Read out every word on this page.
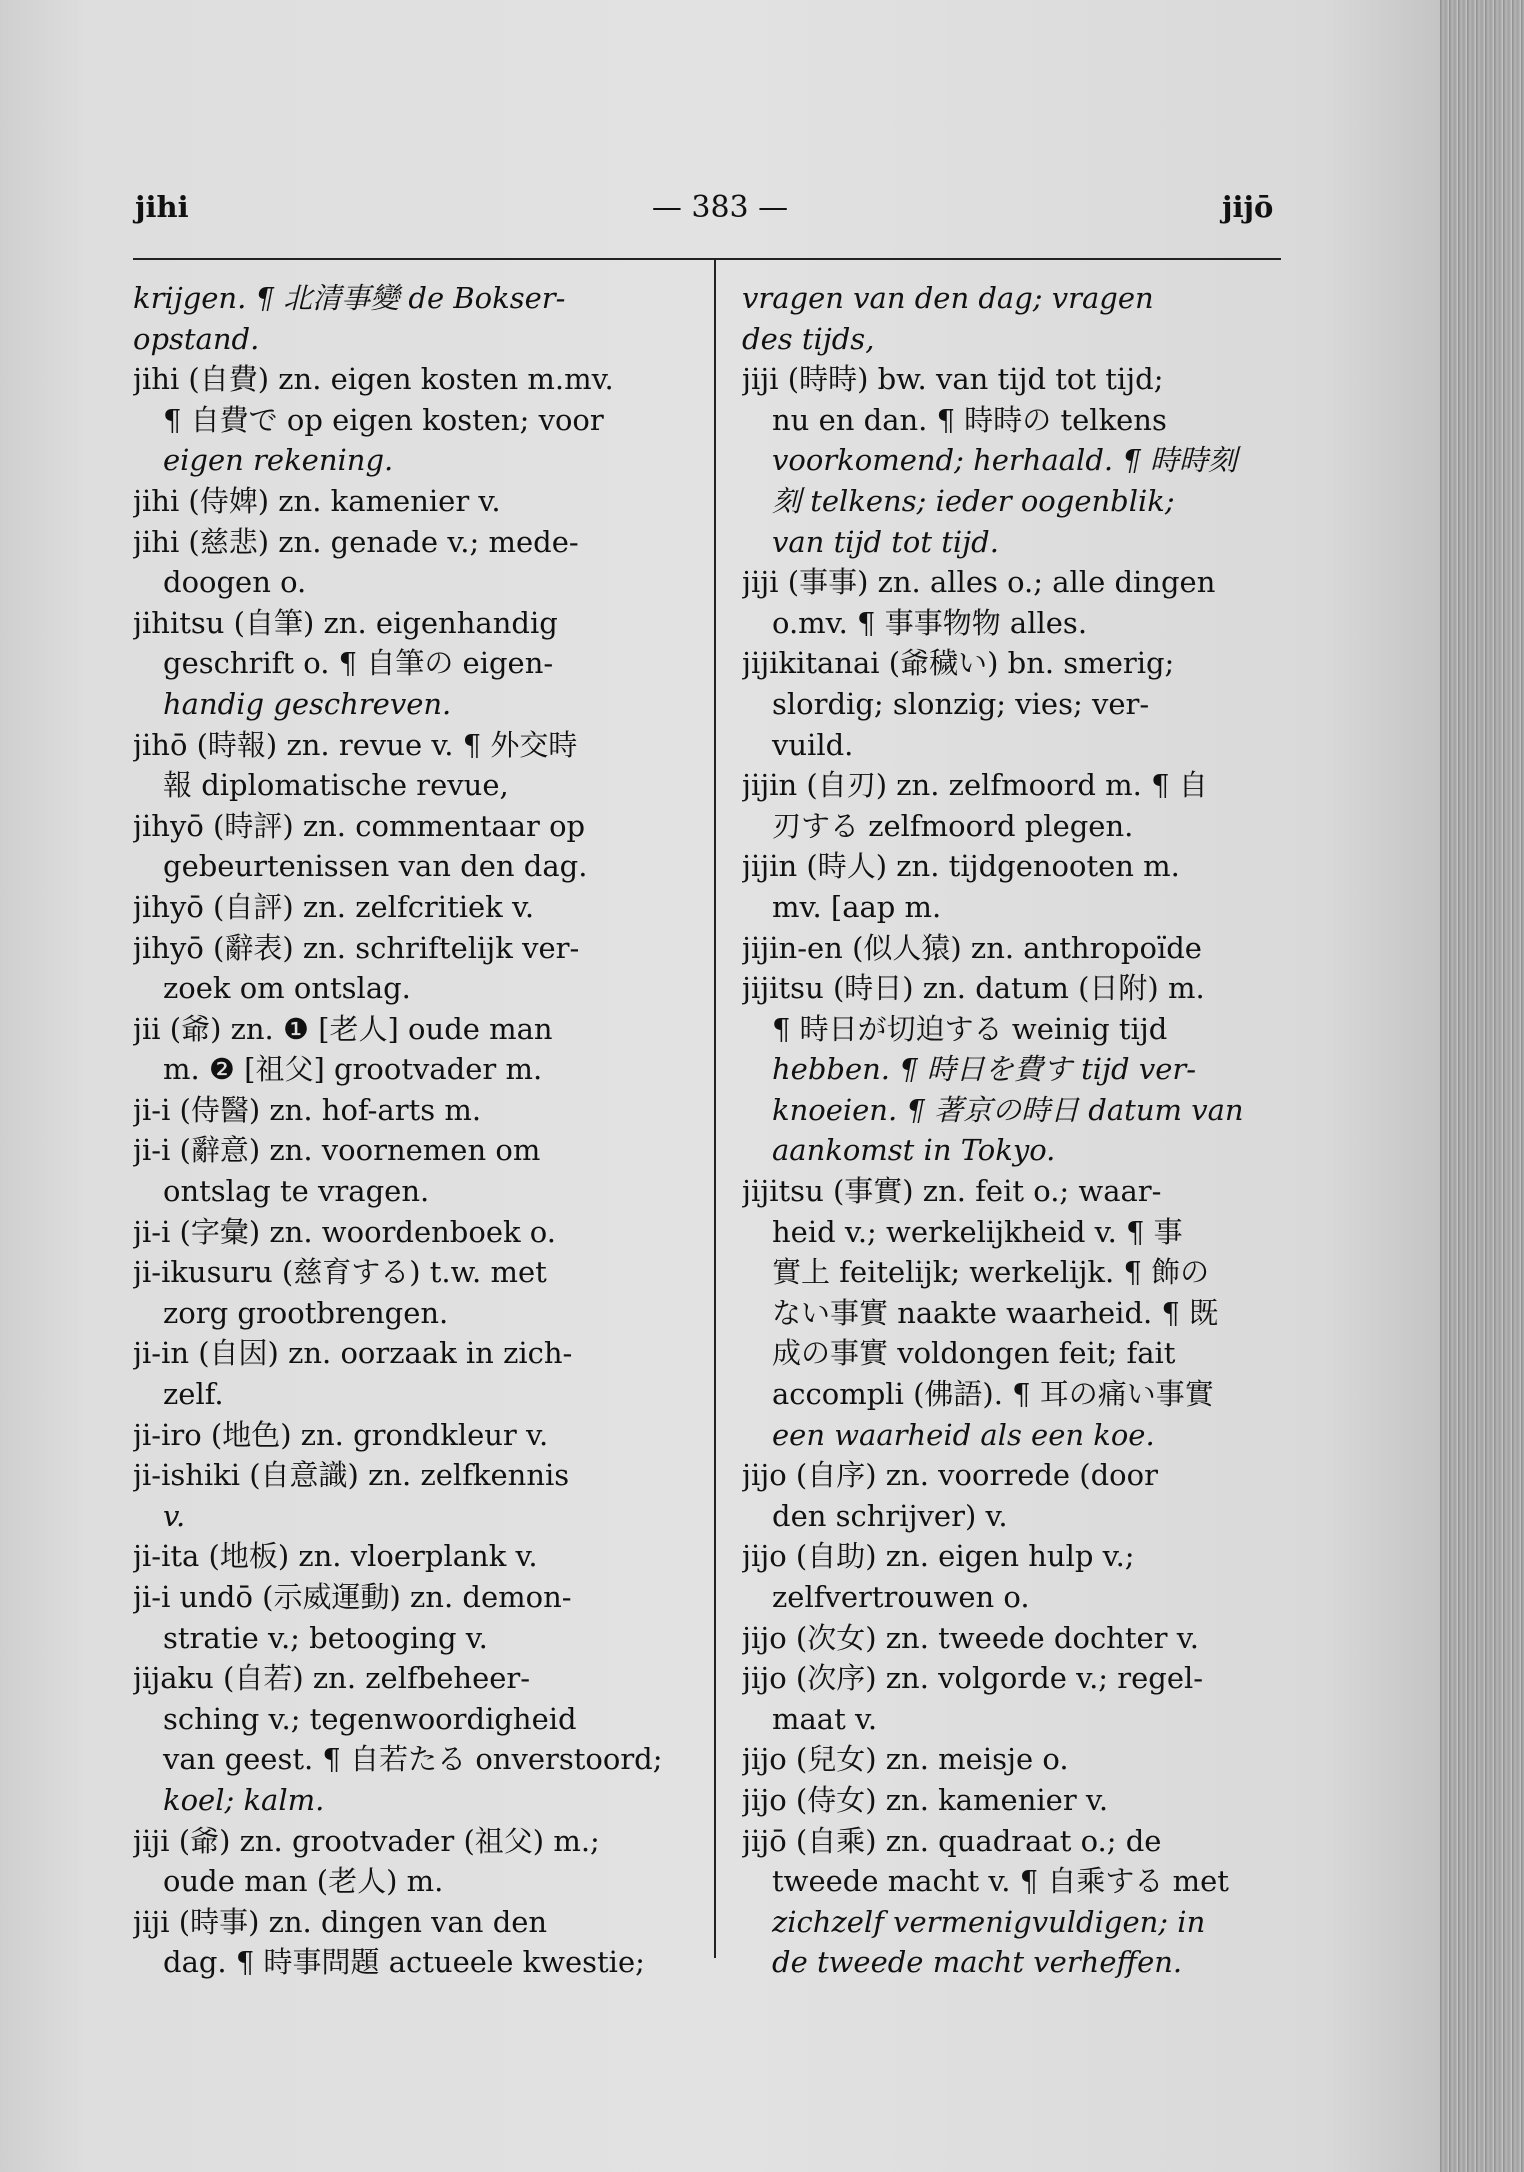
jihi	— 383 —	jijō
krijgen. ¶ 北清事變 de Bokser-
opstand.
jihi (自費) zn. eigen kosten m.mv.
¶ 自費で op eigen kosten; voor
eigen rekening.
jihi (侍婢) zn. kamenier v.
jihi (慈悲) zn. genade v.; mede-
doogen o.
jihitsu (自筆) zn. eigenhandig
geschrift o. ¶ 自筆の eigen-
handig geschreven.
jihō (時報) zn. revue v. ¶ 外交時
報 diplomatische revue,
jihyō (時評) zn. commentaar op
gebeurtenissen van den dag.
jihyō (自評) zn. zelfcritiek v.
jihyō (辭表) zn. schriftelijk ver-
zoek om ontslag.
jii (爺) zn. ❶ [老人] oude man
m. ❷ [祖父] grootvader m.
ji-i (侍醫) zn. hof-arts m.
ji-i (辭意) zn. voornemen om
ontslag te vragen.
ji-i (字彙) zn. woordenboek o.
ji-ikusuru (慈育する) t.w. met
zorg grootbrengen.
ji-in (自因) zn. oorzaak in zich-
zelf.
ji-iro (地色) zn. grondkleur v.
ji-ishiki (自意識) zn. zelfkennis
v.
ji-ita (地板) zn. vloerplank v.
ji-i undō (示威運動) zn. demon-
stratie v.; betooging v.
jijaku (自若) zn. zelfbeheer-
sching v.; tegenwoordigheid
van geest. ¶ 自若たる onverstoord;
koel; kalm.
jiji (爺) zn. grootvader (祖父) m.;
oude man (老人) m.
jiji (時事) zn. dingen van den
dag. ¶ 時事問題 actueele kwestie;
vragen van den dag; vragen
des tijds,
jiji (時時) bw. van tijd tot tijd;
nu en dan. ¶ 時時の telkens
voorkomend; herhaald. ¶ 時時刻
刻 telkens; ieder oogenblik;
van tijd tot tijd.
jiji (事事) zn. alles o.; alle dingen
o.mv. ¶ 事事物物 alles.
jijikitanai (爺穢い) bn. smerig;
slordig; slonzig; vies; ver-
vuild.
jijin (自刃) zn. zelfmoord m. ¶ 自
刃する zelfmoord plegen.
jijin (時人) zn. tijdgenooten m.
mv. [aap m.
jijin-en (似人猿) zn. anthropoïde
jijitsu (時日) zn. datum (日附) m.
¶ 時日が切迫する weinig tijd
hebben. ¶ 時日を費す tijd ver-
knoeien. ¶ 著京の時日 datum van
aankomst in Tokyo.
jijitsu (事實) zn. feit o.; waar-
heid v.; werkelijkheid v. ¶ 事
實上 feitelijk; werkelijk. ¶ 飾の
ない事實 naakte waarheid. ¶ 既
成の事實 voldongen feit; fait
accompli (佛語). ¶ 耳の痛い事實
een waarheid als een koe.
jijo (自序) zn. voorrede (door
den schrijver) v.
jijo (自助) zn. eigen hulp v.;
zelfvertrouwen o.
jijo (次女) zn. tweede dochter v.
jijo (次序) zn. volgorde v.; regel-
maat v.
jijo (兒女) zn. meisje o.
jijo (侍女) zn. kamenier v.
jijō (自乘) zn. quadraat o.; de
tweede macht v. ¶ 自乘する met
zichzelf vermenigvuldigen; in
de tweede macht verheffen.
